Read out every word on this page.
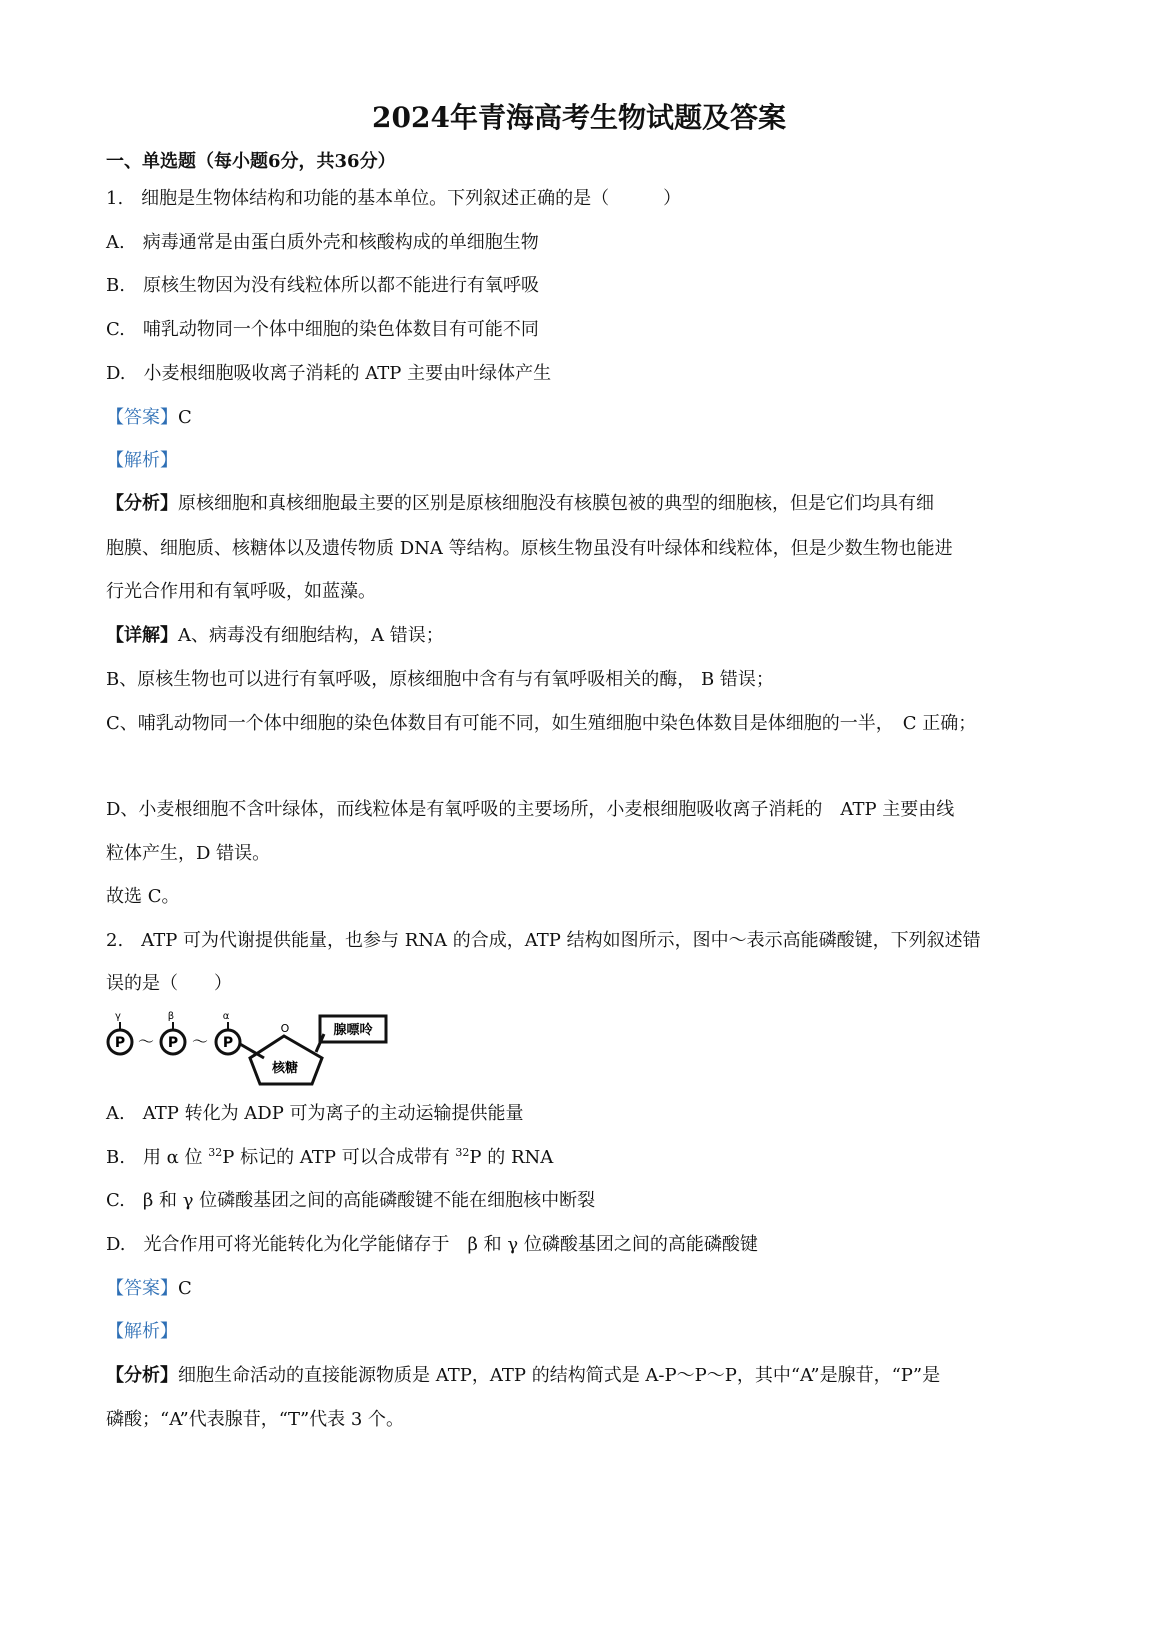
2024年青海高考生物试题及答案
一、单选题（每小题6分，共36分）
1.　细胞是生物体结构和功能的基本单位。下列叙述正确的是（　　　）
A.　病毒通常是由蛋白质外壳和核酸构成的单细胞生物
B.　原核生物因为没有线粒体所以都不能进行有氧呼吸
C.　哺乳动物同一个体中细胞的染色体数目有可能不同
D.　小麦根细胞吸收离子消耗的 ATP 主要由叶绿体产生
【答案】C
【解析】
【分析】原核细胞和真核细胞最主要的区别是原核细胞没有核膜包被的典型的细胞核，但是它们均具有细
胞膜、细胞质、核糖体以及遗传物质 DNA 等结构。原核生物虽没有叶绿体和线粒体，但是少数生物也能进
行光合作用和有氧呼吸，如蓝藻。
【详解】A、病毒没有细胞结构，A 错误；
B、原核生物也可以进行有氧呼吸，原核细胞中含有与有氧呼吸相关的酶， B 错误；
C、哺乳动物同一个体中细胞的染色体数目有可能不同，如生殖细胞中染色体数目是体细胞的一半，　C 正确；
D、小麦根细胞不含叶绿体，而线粒体是有氧呼吸的主要场所，小麦根细胞吸收离子消耗的　ATP 主要由线
粒体产生，D 错误。
故选 C。
2.　ATP 可为代谢提供能量，也参与 RNA 的合成，ATP 结构如图所示，图中～表示高能磷酸键，下列叙述错
误的是（　　）
γ	β	α
P ～ P ～ P
O
核糖
腺嘌呤
A.　ATP 转化为 ADP 可为离子的主动运输提供能量
B.　用 α 位 $^{32}$P 标记的 ATP 可以合成带有 $^{32}$P 的 RNA
C.　β 和 γ 位磷酸基团之间的高能磷酸键不能在细胞核中断裂
D.　光合作用可将光能转化为化学能储存于　β 和 γ 位磷酸基团之间的高能磷酸键
【答案】C
【解析】
【分析】细胞生命活动的直接能源物质是 ATP，ATP 的结构简式是 A-P～P～P，其中“A”是腺苷，“P”是
磷酸；“A”代表腺苷，“T”代表 3 个。
